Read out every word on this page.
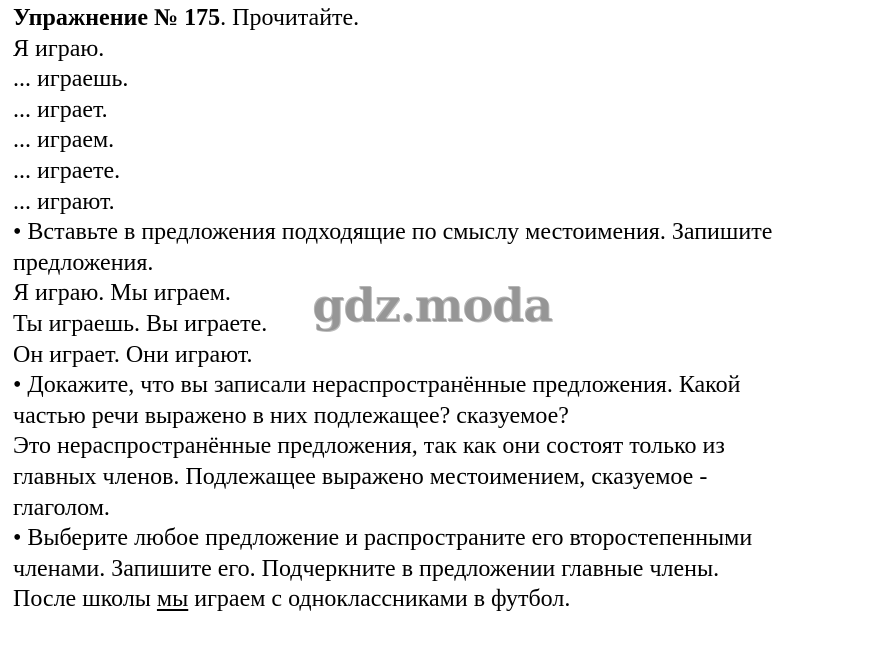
Упражнение № 175. Прочитайте.
Я играю.
... играешь.
... играет.
... играем.
... играете.
... играют.
• Вставьте в предложения подходящие по смыслу местоимения. Запишите
предложения.
Я играю. Мы играем.
Ты играешь. Вы играете.
Он играет. Они играют.
• Докажите, что вы записали нераспространённые предложения. Какой
частью речи выражено в них подлежащее? сказуемое?
Это нераспространённые предложения, так как они состоят только из
главных членов. Подлежащее выражено местоимением, сказуемое -
глаголом.
• Выберите любое предложение и распространите его второстепенными
членами. Запишите его. Подчеркните в предложении главные члены.
После школы мы играем с одноклассниками в футбол.
gdz.moda
